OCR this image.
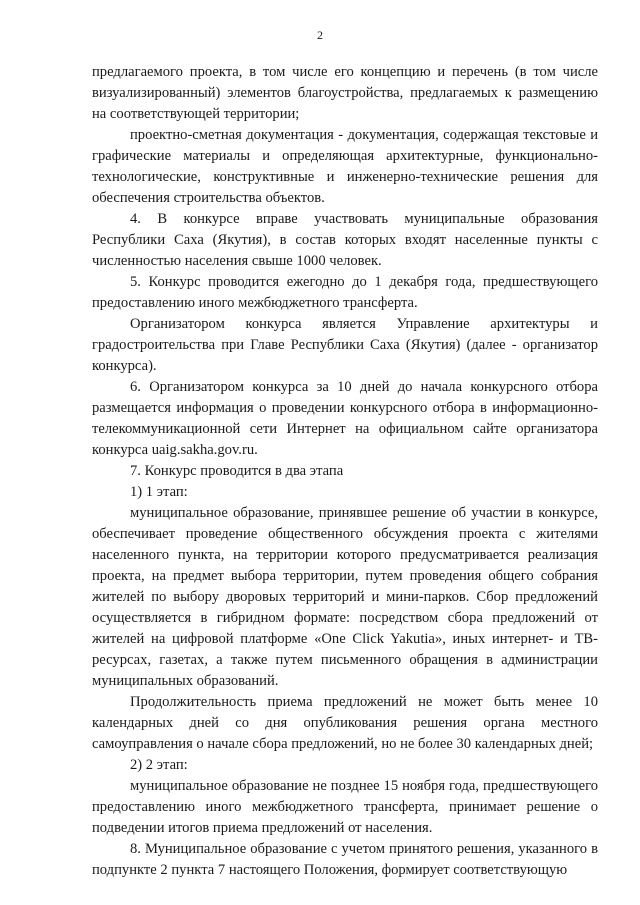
2

предлагаемого проекта, в том числе его концепцию и перечень (в том числе визуализированный) элементов благоустройства, предлагаемых к размещению на соответствующей территории;

проектно-сметная документация - документация, содержащая текстовые и графические материалы и определяющая архитектурные, функционально-технологические, конструктивные и инженерно-технические решения для обеспечения строительства объектов.

4. В конкурсе вправе участвовать муниципальные образования Республики Саха (Якутия), в состав которых входят населенные пункты с численностью населения свыше 1000 человек.

5. Конкурс проводится ежегодно до 1 декабря года, предшествующего предоставлению иного межбюджетного трансферта.

Организатором конкурса является Управление архитектуры и градостроительства при Главе Республики Саха (Якутия) (далее - организатор конкурса).

6. Организатором конкурса за 10 дней до начала конкурсного отбора размещается информация о проведении конкурсного отбора в информационно-телекоммуникационной сети Интернет на официальном сайте организатора конкурса uaig.sakha.gov.ru.

7. Конкурс проводится в два этапа

1) 1 этап:

муниципальное образование, принявшее решение об участии в конкурсе, обеспечивает проведение общественного обсуждения проекта с жителями населенного пункта, на территории которого предусматривается реализация проекта, на предмет выбора территории, путем проведения общего собрания жителей по выбору дворовых территорий и мини-парков. Сбор предложений осуществляется в гибридном формате: посредством сбора предложений от жителей на цифровой платформе «One Click Yakutia», иных интернет- и ТВ-ресурсах, газетах, а также путем письменного обращения в администрации муниципальных образований.

Продолжительность приема предложений не может быть менее 10 календарных дней со дня опубликования решения органа местного самоуправления о начале сбора предложений, но не более 30 календарных дней;

2) 2 этап:

муниципальное образование не позднее 15 ноября года, предшествующего предоставлению иного межбюджетного трансферта, принимает решение о подведении итогов приема предложений от населения.

8. Муниципальное образование с учетом принятого решения, указанного в подпункте 2 пункта 7 настоящего Положения, формирует соответствующую
